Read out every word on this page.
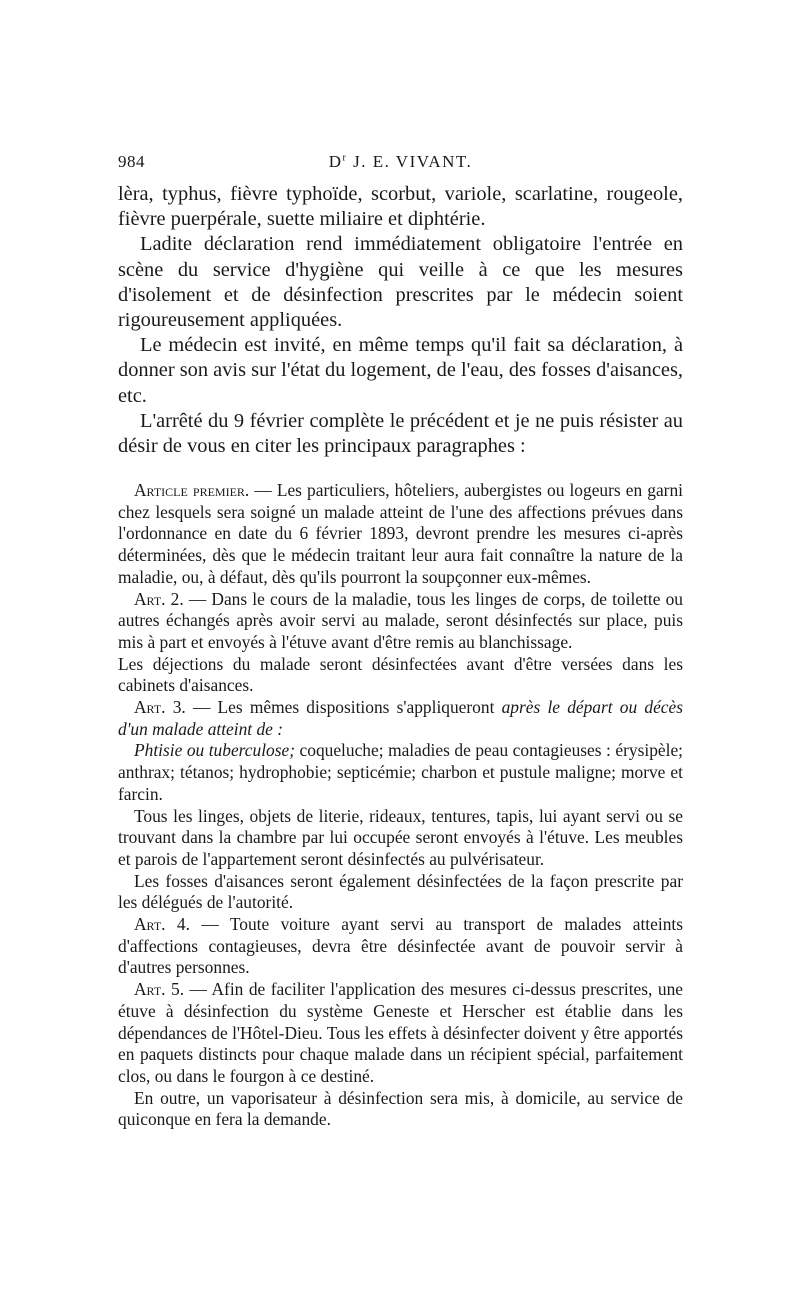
984	$D^r$ J. E. VIVANT.

lèra, typhus, fièvre typhoïde, scorbut, variole, scarlatine, rougeole, fièvre puerpérale, suette miliaire et diphtérie.

Ladite déclaration rend immédiatement obligatoire l'entrée en scène du service d'hygiène qui veille à ce que les mesures d'isolement et de désinfection prescrites par le médecin soient rigoureusement appliquées.

Le médecin est invité, en même temps qu'il fait sa déclaration, à donner son avis sur l'état du logement, de l'eau, des fosses d'aisances, etc.

L'arrêté du 9 février complète le précédent et je ne puis résister au désir de vous en citer les principaux paragraphes :

Article premier. — Les particuliers, hôteliers, aubergistes ou logeurs en garni chez lesquels sera soigné un malade atteint de l'une des affections prévues dans l'ordonnance en date du 6 février 1893, devront prendre les mesures ci-après déterminées, dès que le médecin traitant leur aura fait connaître la nature de la maladie, ou, à défaut, dès qu'ils pourront la soupçonner eux-mêmes.

Art. 2. — Dans le cours de la maladie, tous les linges de corps, de toilette ou autres échangés après avoir servi au malade, seront désinfectés sur place, puis mis à part et envoyés à l'étuve avant d'être remis au blanchissage.

Les déjections du malade seront désinfectées avant d'être versées dans les cabinets d'aisances.

Art. 3. — Les mêmes dispositions s'appliqueront après le départ ou décès d'un malade atteint de :

Phtisie ou tuberculose; coqueluche; maladies de peau contagieuses : érysipèle; anthrax; tétanos; hydrophobie; septicémie; charbon et pustule maligne; morve et farcin.

Tous les linges, objets de literie, rideaux, tentures, tapis, lui ayant servi ou se trouvant dans la chambre par lui occupée seront envoyés à l'étuve. Les meubles et parois de l'appartement seront désinfectés au pulvérisateur.

Les fosses d'aisances seront également désinfectées de la façon prescrite par les délégués de l'autorité.

Art. 4. — Toute voiture ayant servi au transport de malades atteints d'affections contagieuses, devra être désinfectée avant de pouvoir servir à d'autres personnes.

Art. 5. — Afin de faciliter l'application des mesures ci-dessus prescrites, une étuve à désinfection du système Geneste et Herscher est établie dans les dépendances de l'Hôtel-Dieu. Tous les effets à désinfecter doivent y être apportés en paquets distincts pour chaque malade dans un récipient spécial, parfaitement clos, ou dans le fourgon à ce destiné.

En outre, un vaporisateur à désinfection sera mis, à domicile, au service de quiconque en fera la demande.
